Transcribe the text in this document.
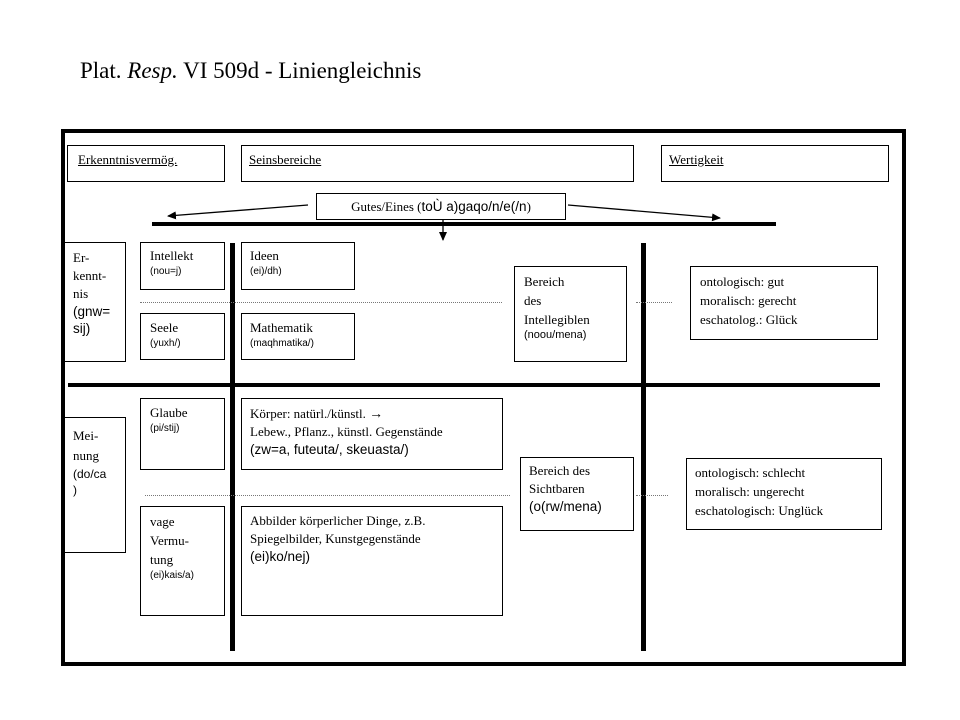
Plat. Resp. VI 509d - Liniengleichnis
Erkenntnisvermög.	Seinsbereiche	Wertigkeit
Gutes/Eines (toÙ a)gaqo/n/e(/n)
Er-
kennt-
nis
(gnw=
sij)
Mei-
nung
(do/ca
)
Intellekt
(nou=j)
Seele
(yuxh/)
Glaube
(pi/stij)
vage
Vermu-
tung
(ei)kais/a)
Ideen
(ei)/dh)
Mathematik
(maqhmatika/)
Körper: natürl./künstl. →
Lebew., Pflanz., künstl. Gegenstände
(zw=a, futeuta/, skeuasta/)
Abbilder körperlicher Dinge, z.B.
Spiegelbilder, Kunstgegenstände
(ei)ko/nej)
Bereich
des
Intellegiblen
(noou/mena)
Bereich des
Sichtbaren
(o(rw/mena)
ontologisch: gut
moralisch: gerecht
eschatolog.: Glück
ontologisch: schlecht
moralisch: ungerecht
eschatologisch: Unglück
